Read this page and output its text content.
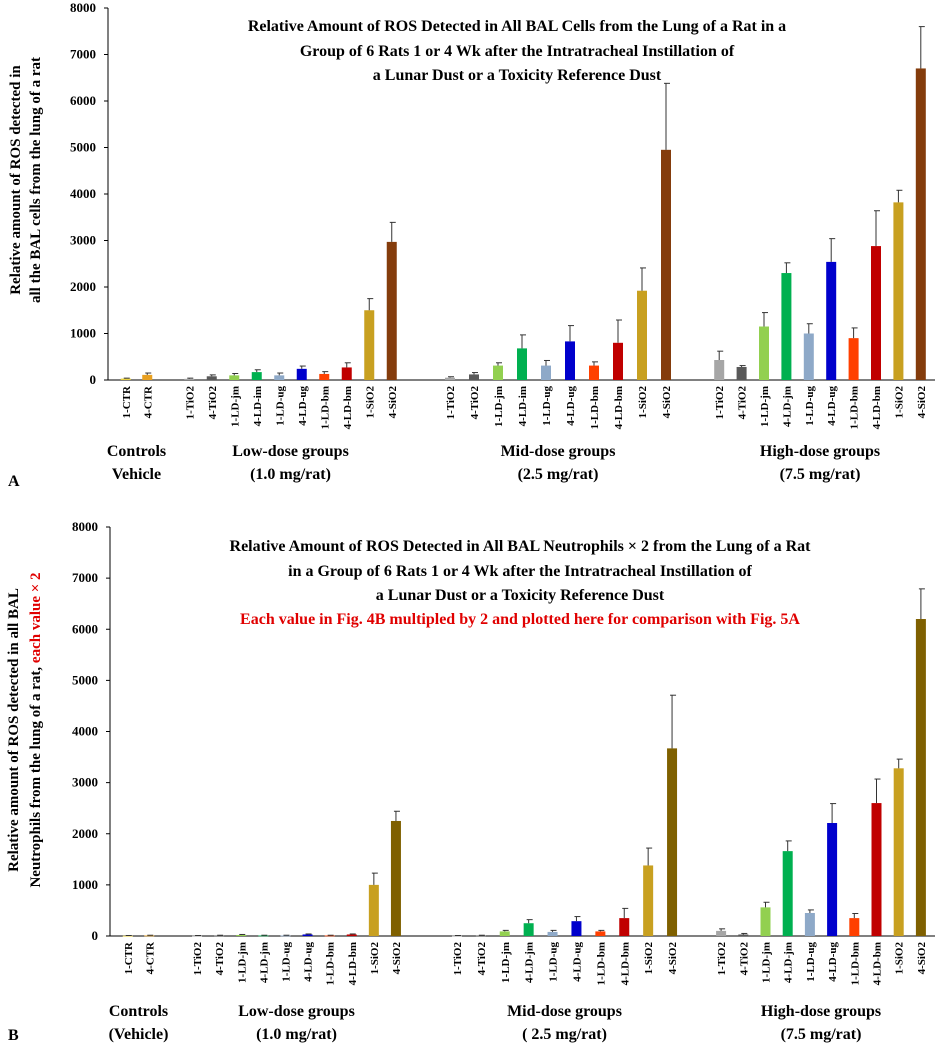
0
1000
2000
3000
4000
5000
6000
7000
8000
Relative Amount of ROS Detected in All BAL Cells from the Lung of a Rat in a
Group of 6 Rats 1 or 4 Wk after the Intratracheal Instillation of
a Lunar Dust or a Toxicity Reference Dust
Relative amount of ROS detected in all the BAL cells from the lung of a rat
A
1-CTR 4-CTR
Controls
Vehicle
1-TiO2 4-TiO2 1-LD-jm 4-LD-im 1-LD-ug 4-LD-ug 1-LD-bm 4-LD-bm 1-SiO2 4-SiO2
Low-dose groups
(1.0 mg/rat)
1-TiO2 4-TiO2 1-LD-jm 4-LD-im 1-LD-ug 4-LD-ug 1-LD-bm 4-LD-bm 1-SiO2 4-SiO2
Mid-dose groups
(2.5 mg/rat)
1-TiO2 4-TiO2 1-LD-jm 4-LD-jm 1-LD-ug 4-LD-ug 1-LD-bm 4-LD-bm 1-SiO2 4-SiO2
High-dose groups
(7.5 mg/rat)
0
1000
2000
3000
4000
5000
6000
7000
8000
Relative Amount of ROS Detected in All BAL Neutrophils × 2 from the Lung of a Rat
in a Group of 6 Rats 1 or 4 Wk after the Intratracheal Instillation of
a Lunar Dust or a Toxicity Reference Dust
Each value in Fig. 4B multipled by 2 and plotted here for comparison with Fig. 5A
Relative amount of ROS detected in all BAL Neutrophils from the lung of a rat, each value × 2
B
1-CTR 4-CTR
Controls
(Vehicle)
1-TiO2 4-TiO2 1-LD-jm 4-LD-jm 1-LD-ug 4-LD-ug 1-LD-bm 4-LD-bm 1-SiO2 4-SiO2
Low-dose groups
(1.0 mg/rat)
1-TiO2 4-TiO2 1-LD-jm 4-LD-jm 1-LD-ug 4-LD-ug 1-LD-bm 4-LD-bm 1-SiO2 4-SiO2
Mid-dose groups
( 2.5 mg/rat)
1-TiO2 4-TiO2 1-LD-jm 4-LD-jm 1-LD-ug 4-LD-ug 1-LD-bm 4-LD-bm 1-SiO2 4-SiO2
High-dose groups
(7.5 mg/rat)
